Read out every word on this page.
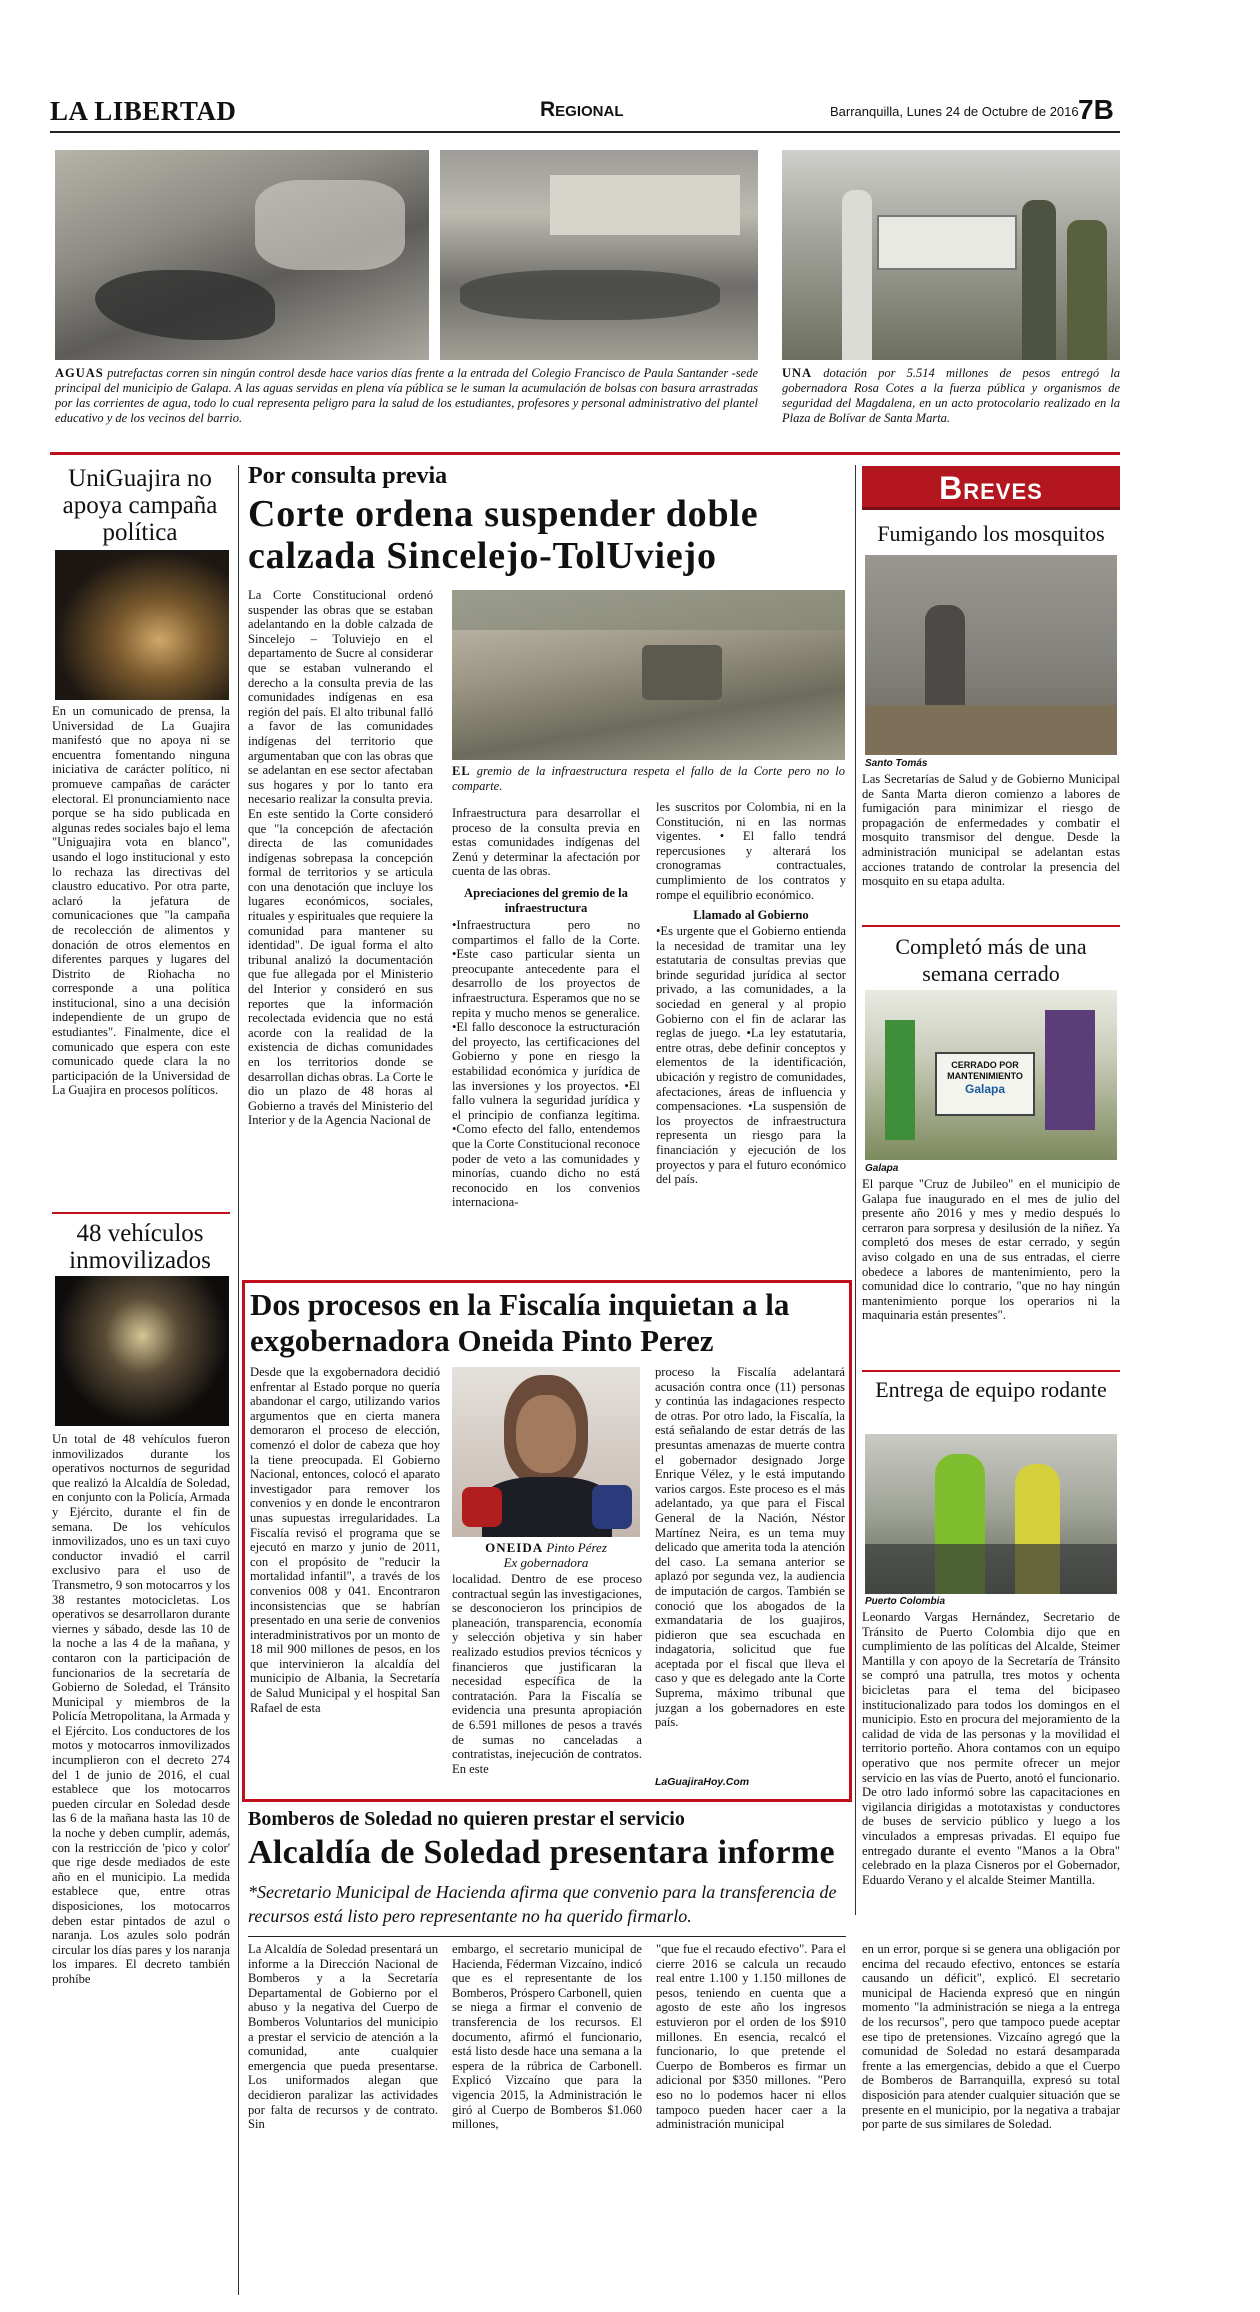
LA LIBERTAD	Regional	Barranquilla, Lunes 24 de Octubre de 2016 7B
AGUAS putrefactas corren sin ningún control desde hace varios días frente a la entrada del Colegio Francisco de Paula Santander -sede principal del municipio de Galapa. A las aguas servidas en plena vía pública se le suman la acumulación de bolsas con basura arrastradas por las corrientes de agua, todo lo cual representa peligro para la salud de los estudiantes, profesores y personal administrativo del plantel educativo y de los vecinos del barrio.
UNA dotación por 5.514 millones de pesos entregó la gobernadora Rosa Cotes a la fuerza pública y organismos de seguridad del Magdalena, en un acto protocolario realizado en la Plaza de Bolívar de Santa Marta.
UniGuajira no apoya campaña política
En un comunicado de prensa, la Universidad de La Guajira manifestó que no apoya ni se encuentra fomentando ninguna iniciativa de carácter político, ni promueve campañas de carácter electoral. El pronunciamiento nace porque se ha sido publicada en algunas redes sociales bajo el lema "Uniguajira vota en blanco", usando el logo institucional y esto lo rechaza las directivas del claustro educativo. Por otra parte, aclaró la jefatura de comunicaciones que "la campaña de recolección de alimentos y donación de otros elementos en diferentes parques y lugares del Distrito de Riohacha no corresponde a una política institucional, sino a una decisión independiente de un grupo de estudiantes". Finalmente, dice el comunicado que espera con este comunicado quede clara la no participación de la Universidad de La Guajira en procesos políticos.
48 vehículos inmovilizados
Un total de 48 vehículos fueron inmovilizados durante los operativos nocturnos de seguridad que realizó la Alcaldía de Soledad, en conjunto con la Policía, Armada y Ejército, durante el fin de semana. De los vehículos inmovilizados, uno es un taxi cuyo conductor invadió el carril exclusivo para el uso de Transmetro, 9 son motocarros y los 38 restantes motocicletas. Los operativos se desarrollaron durante viernes y sábado, desde las 10 de la noche a las 4 de la mañana, y contaron con la participación de funcionarios de la secretaría de Gobierno de Soledad, el Tránsito Municipal y miembros de la Policía Metropolitana, la Armada y el Ejército. Los conductores de los motos y motocarros inmovilizados incumplieron con el decreto 274 del 1 de junio de 2016, el cual establece que los motocarros pueden circular en Soledad desde las 6 de la mañana hasta las 10 de la noche y deben cumplir, además, con la restricción de 'pico y color' que rige desde mediados de este año en el municipio. La medida establece que, entre otras disposiciones, los motocarros deben estar pintados de azul o naranja. Los azules solo podrán circular los días pares y los naranja los impares. El decreto también prohíbe
Por consulta previa
Corte ordena suspender doble calzada Sincelejo-TolUviejo
La Corte Constitucional ordenó suspender las obras que se estaban adelantando en la doble calzada de Sincelejo – Toluviejo en el departamento de Sucre al considerar que se estaban vulnerando el derecho a la consulta previa de las comunidades indígenas en esa región del país. El alto tribunal falló a favor de las comunidades indígenas del territorio que argumentaban que con las obras que se adelantan en ese sector afectaban sus hogares y por lo tanto era necesario realizar la consulta previa. En este sentido la Corte consideró que "la concepción de afectación directa de las comunidades indígenas sobrepasa la concepción formal de territorios y se articula con una denotación que incluye los lugares económicos, sociales, rituales y espirituales que requiere la comunidad para mantener su identidad". De igual forma el alto tribunal analizó la documentación que fue allegada por el Ministerio del Interior y consideró en sus reportes que la información recolectada evidencia que no está acorde con la realidad de la existencia de dichas comunidades en los territorios donde se desarrollan dichas obras. La Corte le dio un plazo de 48 horas al Gobierno a través del Ministerio del Interior y de la Agencia Nacional de
EL gremio de la infraestructura respeta el fallo de la Corte pero no lo comparte.
Infraestructura para desarrollar el proceso de la consulta previa en estas comunidades indígenas del Zenú y determinar la afectación por cuenta de las obras.
Apreciaciones del gremio de la infraestructura
•Infraestructura pero no compartimos el fallo de la Corte. •Este caso particular sienta un preocupante antecedente para el desarrollo de los proyectos de infraestructura. Esperamos que no se repita y mucho menos se generalice. •El fallo desconoce la estructuración del proyecto, las certificaciones del Gobierno y pone en riesgo la estabilidad económica y jurídica de las inversiones y los proyectos. •El fallo vulnera la seguridad jurídica y el principio de confianza legítima. •Como efecto del fallo, entendemos que la Corte Constitucional reconoce poder de veto a las comunidades y minorías, cuando dicho no está reconocido en los convenios internaciona-
les suscritos por Colombia, ni en la Constitución, ni en las normas vigentes. • El fallo tendrá repercusiones y alterará los cronogramas contractuales, cumplimiento de los contratos y rompe el equilibrio económico.
Llamado al Gobierno
•Es urgente que el Gobierno entienda la necesidad de tramitar una ley estatutaria de consultas previas que brinde seguridad jurídica al sector privado, a las comunidades, a la sociedad en general y al propio Gobierno con el fin de aclarar las reglas de juego. •La ley estatutaria, entre otras, debe definir conceptos y elementos de la identificación, ubicación y registro de comunidades, afectaciones, áreas de influencia y compensaciones. •La suspensión de los proyectos de infraestructura representa un riesgo para la financiación y ejecución de los proyectos y para el futuro económico del país.
Dos procesos en la Fiscalía inquietan a la exgobernadora Oneida Pinto Perez
Desde que la exgobernadora decidió enfrentar al Estado porque no quería abandonar el cargo, utilizando varios argumentos que en cierta manera demoraron el proceso de elección, comenzó el dolor de cabeza que hoy la tiene preocupada. El Gobierno Nacional, entonces, colocó el aparato investigador para remover los convenios y en donde le encontraron unas supuestas irregularidades. La Fiscalía revisó el programa que se ejecutó en marzo y junio de 2011, con el propósito de "reducir la mortalidad infantil", a través de los convenios 008 y 041. Encontraron inconsistencias que se habrían presentado en una serie de convenios interadministrativos por un monto de 18 mil 900 millones de pesos, en los que intervinieron la alcaldía del municipio de Albania, la Secretaría de Salud Municipal y el hospital San Rafael de esta
ONEIDA Pinto Pérez
Ex gobernadora
localidad. Dentro de ese proceso contractual según las investigaciones, se desconocieron los principios de planeación, transparencia, economía y selección objetiva y sin haber realizado estudios previos técnicos y financieros que justificaran la necesidad específica de la contratación. Para la Fiscalía se evidencia una presunta apropiación de 6.591 millones de pesos a través de sumas no canceladas a contratistas, inejecución de contratos. En este
proceso la Fiscalía adelantará acusación contra once (11) personas y continúa las indagaciones respecto de otras. Por otro lado, la Fiscalía, la está señalando de estar detrás de las presuntas amenazas de muerte contra el gobernador designado Jorge Enrique Vélez, y le está imputando varios cargos. Este proceso es el más adelantado, ya que para el Fiscal General de la Nación, Néstor Martínez Neira, es un tema muy delicado que amerita toda la atención del caso. La semana anterior se aplazó por segunda vez, la audiencia de imputación de cargos. También se conoció que los abogados de la exmandataria de los guajiros, pidieron que sea escuchada en indagatoria, solicitud que fue aceptada por el fiscal que lleva el caso y que es delegado ante la Corte Suprema, máximo tribunal que juzgan a los gobernadores en este país.
LaGuajiraHoy.Com
Bomberos de Soledad no quieren prestar el servicio
Alcaldía de Soledad presentara informe
*Secretario Municipal de Hacienda afirma que convenio para la transferencia de recursos está listo pero representante no ha querido firmarlo.
La Alcaldía de Soledad presentará un informe a la Dirección Nacional de Bomberos y a la Secretaría Departamental de Gobierno por el abuso y la negativa del Cuerpo de Bomberos Voluntarios del municipio a prestar el servicio de atención a la comunidad, ante cualquier emergencia que pueda presentarse. Los uniformados alegan que decidieron paralizar las actividades por falta de recursos y de contrato. Sin
embargo, el secretario municipal de Hacienda, Féderman Vizcaíno, indicó que es el representante de los Bomberos, Próspero Carbonell, quien se niega a firmar el convenio de transferencia de los recursos. El documento, afirmó el funcionario, está listo desde hace una semana a la espera de la rúbrica de Carbonell. Explicó Vizcaíno que para la vigencia 2015, la Administración le giró al Cuerpo de Bomberos $1.060 millones,
"que fue el recaudo efectivo". Para el cierre 2016 se calcula un recaudo real entre 1.100 y 1.150 millones de pesos, teniendo en cuenta que a agosto de este año los ingresos estuvieron por el orden de los $910 millones. En esencia, recalcó el funcionario, lo que pretende el Cuerpo de Bomberos es firmar un adicional por $350 millones. "Pero eso no lo podemos hacer ni ellos tampoco pueden hacer caer a la administración municipal
Breves
Fumigando los mosquitos
Santo Tomás
Las Secretarías de Salud y de Gobierno Municipal de Santa Marta dieron comienzo a labores de fumigación para minimizar el riesgo de propagación de enfermedades y combatir el mosquito transmisor del dengue. Desde la administración municipal se adelantan estas acciones tratando de controlar la presencia del mosquito en su etapa adulta.
Completó más de una semana cerrado
CERRADO POR MANTENIMIENTO
Galapa
Galapa
El parque "Cruz de Jubileo" en el municipio de Galapa fue inaugurado en el mes de julio del presente año 2016 y mes y medio después lo cerraron para sorpresa y desilusión de la niñez. Ya completó dos meses de estar cerrado, y según aviso colgado en una de sus entradas, el cierre obedece a labores de mantenimiento, pero la comunidad dice lo contrario, "que no hay ningún mantenimiento porque los operarios ni la maquinaria están presentes".
Entrega de equipo rodante
Puerto Colombia
Leonardo Vargas Hernández, Secretario de Tránsito de Puerto Colombia dijo que en cumplimiento de las políticas del Alcalde, Steimer Mantilla y con apoyo de la Secretaría de Tránsito se compró una patrulla, tres motos y ochenta bicicletas para el tema del bicipaseo institucionalizado para todos los domingos en el municipio. Esto en procura del mejoramiento de la calidad de vida de las personas y la movilidad el territorio porteño. Ahora contamos con un equipo operativo que nos permite ofrecer un mejor servicio en las vías de Puerto, anotó el funcionario. De otro lado informó sobre las capacitaciones en vigilancia dirigidas a mototaxistas y conductores de buses de servicio público y luego a los vinculados a empresas privadas. El equipo fue entregado durante el evento "Manos a la Obra" celebrado en la plaza Cisneros por el Gobernador, Eduardo Verano y el alcalde Steimer Mantilla.
en un error, porque si se genera una obligación por encima del recaudo efectivo, entonces se estaría causando un déficit", explicó. El secretario municipal de Hacienda expresó que en ningún momento "la administración se niega a la entrega de los recursos", pero que tampoco puede aceptar ese tipo de pretensiones. Vizcaíno agregó que la comunidad de Soledad no estará desamparada frente a las emergencias, debido a que el Cuerpo de Bomberos de Barranquilla, expresó su total disposición para atender cualquier situación que se presente en el municipio, por la negativa a trabajar por parte de sus similares de Soledad.
